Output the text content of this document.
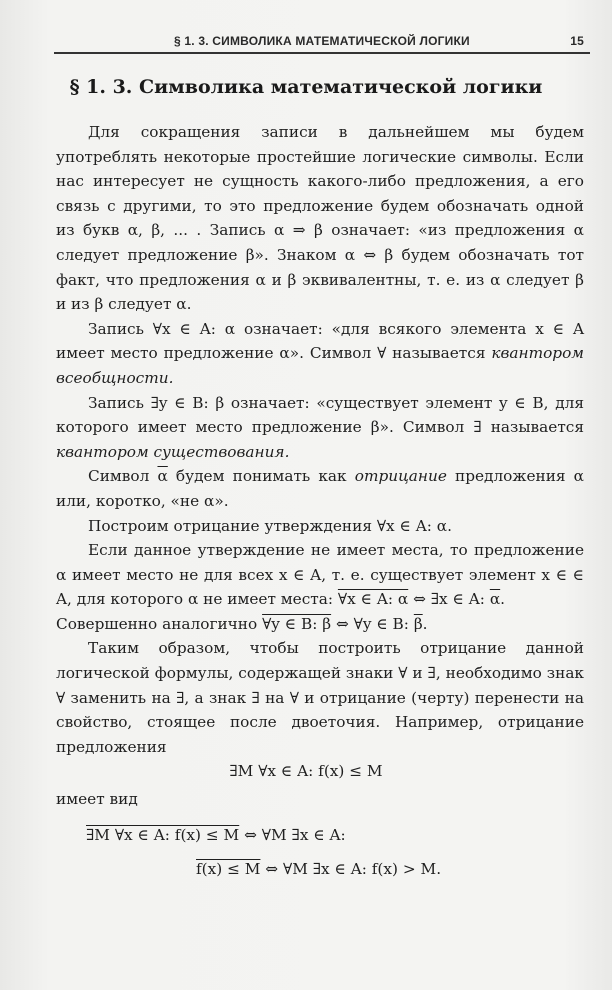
§ 1. 3. СИМВОЛИКА МАТЕМАТИЧЕСКОЙ ЛОГИКИ	15
§ 1. 3. Символика математической логики

Для сокращения записи в дальнейшем мы будем употреблять некоторые простейшие логические символы. Если нас интересует не сущность какого-либо предложения, а его связь с другими, то это предложение будем обозначать одной из букв α, β, ... . Запись α ⇒ β означает: «из предложения α следует предложение β». Знаком α ⇔ β будем обозначать тот факт, что предложения α и β эквивалентны, т. е. из α следует β и из β следует α.

Запись ∀x ∈ A: α означает: «для всякого элемента x ∈ A имеет место предложение α». Символ ∀ называется квантором всеобщности.

Запись ∃y ∈ B: β означает: «существует элемент y ∈ B, для которого имеет место предложение β». Символ ∃ называется квантором существования.

Символ $\overline{\alpha}$ будем понимать как отрицание предложения α или, коротко, «не α».

Построим отрицание утверждения ∀x ∈ A: α.

Если данное утверждение не имеет места, то предложение α имеет место не для всех x ∈ A, т. е. существует элемент x ∈ ∈ A, для которого α не имеет места: ∀x ∈ A: α ⇔ ∃x ∈ A: $\overline{\alpha}$.

Совершенно аналогично ∀y ∈ B: β ⇔ ∀y ∈ B: $\overline{\beta}$.

Таким образом, чтобы построить отрицание данной логической формулы, содержащей знаки ∀ и ∃, необходимо знак ∀ заменить на ∃, а знак ∃ на ∀ и отрицание (черту) перенести на свойство, стоящее после двоеточия. Например, отрицание предложения

∃M ∀x ∈ A: f(x) ≤ M
имеет вид
∃M ∀x ∈ A: f(x) ≤ M ⇔ ∀M ∃x ∈ A:
f(x) ≤ M ⇔ ∀M ∃x ∈ A: f(x) > M.
